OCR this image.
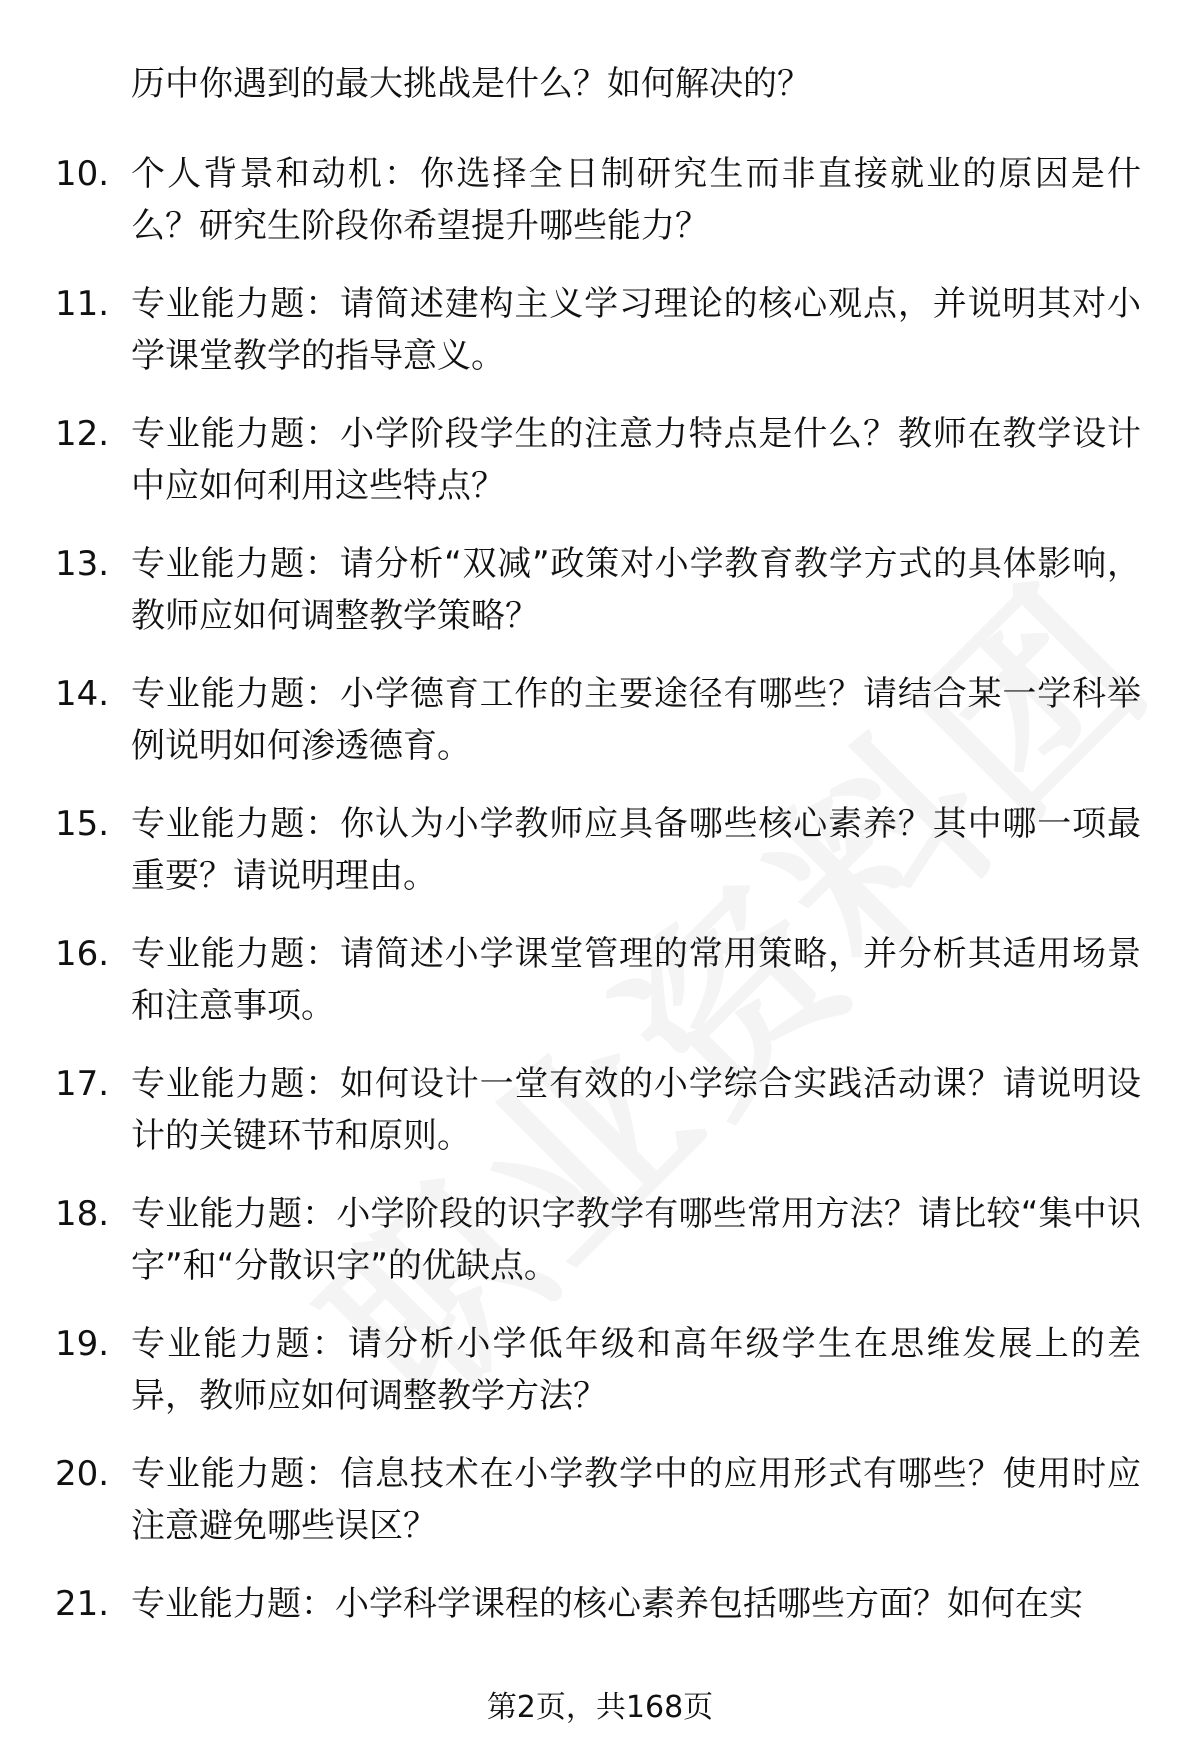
历中你遇到的最大挑战是什么？如何解决的？

10. 个人背景和动机：你选择全日制研究生而非直接就业的原因是什么？研究生阶段你希望提升哪些能力？
11. 专业能力题：请简述建构主义学习理论的核心观点，并说明其对小学课堂教学的指导意义。
12. 专业能力题：小学阶段学生的注意力特点是什么？教师在教学设计中应如何利用这些特点？
13. 专业能力题：请分析“双减”政策对小学教育教学方式的具体影响，教师应如何调整教学策略？
14. 专业能力题：小学德育工作的主要途径有哪些？请结合某一学科举例说明如何渗透德育。
15. 专业能力题：你认为小学教师应具备哪些核心素养？其中哪一项最重要？请说明理由。
16. 专业能力题：请简述小学课堂管理的常用策略，并分析其适用场景和注意事项。
17. 专业能力题：如何设计一堂有效的小学综合实践活动课？请说明设计的关键环节和原则。
18. 专业能力题：小学阶段的识字教学有哪些常用方法？请比较“集中识字”和“分散识字”的优缺点。
19. 专业能力题：请分析小学低年级和高年级学生在思维发展上的差异，教师应如何调整教学方法？
20. 专业能力题：信息技术在小学教学中的应用形式有哪些？使用时应注意避免哪些误区？
21. 专业能力题：小学科学课程的核心素养包括哪些方面？如何在实
第2页，共168页
